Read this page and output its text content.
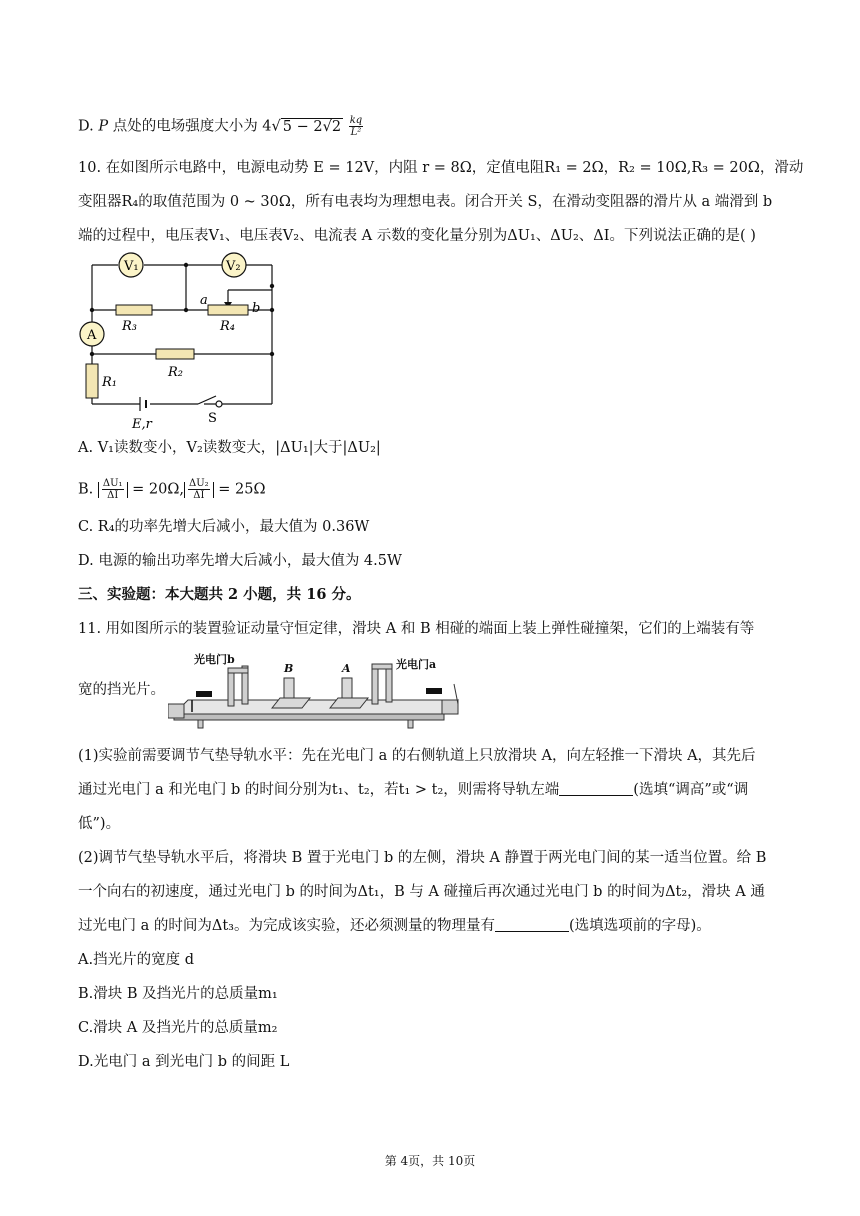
D. P 点处的电场强度大小为 4√ $5 - 2√2 \frac{kq}{\text{L²}}$
10. 在如图所示电路中，电源电动势 E = 12V，内阻 r = 8Ω，定值电阻R₁ = 2Ω，R₂ = 10Ω,R₃ = 20Ω，滑动
变阻器R₄的取值范围为 0 ~ 30Ω，所有电表均为理想电表。闭合开关 S，在滑动变阻器的滑片从 a 端滑到 b
端的过程中，电压表V₁、电压表V₂、电流表 A 示数的变化量分别为ΔU₁、ΔU₂、ΔI。下列说法正确的是( )
V₁	V₂
A
R₃	R₄
R₂
R₁
a
b
E,r	S
A. V₁读数变小，V₂读数变大，|ΔU₁|大于|ΔU₂|
B. $\frac{\text{ΔU₁}}{\Delta I} = 20\Omega$, $\frac{\text{ΔU₂}}{\Delta I} = 25\Omega$
C. R₄的功率先增大后减小，最大值为 0.36W
D. 电源的输出功率先增大后减小，最大值为 4.5W
三、实验题：本大题共 2 小题，共 16 分。
11. 用如图所示的装置验证动量守恒定律，滑块 A 和 B 相碰的端面上装上弹性碰撞架，它们的上端装有等
宽的挡光片。
光电门b	光电门a
B	A
(1)实验前需要调节气垫导轨水平：先在光电门 a 的右侧轨道上只放滑块 A，向左轻推一下滑块 A，其先后
通过光电门 a 和光电门 b 的时间分别为t₁、t₂，若t₁ > t₂，则需将导轨左端	(选填“调高”或“调
低”)。
(2)调节气垫导轨水平后，将滑块 B 置于光电门 b 的左侧，滑块 A 静置于两光电门间的某一适当位置。给 B
一个向右的初速度，通过光电门 b 的时间为Δt₁，B 与 A 碰撞后再次通过光电门 b 的时间为Δt₂，滑块 A 通
过光电门 a 的时间为Δt₃。为完成该实验，还必须测量的物理量有	(选填选项前的字母)。
A.挡光片的宽度 d
B.滑块 B 及挡光片的总质量m₁
C.滑块 A 及挡光片的总质量m₂
D.光电门 a 到光电门 b 的间距 L
第 4页，共 10页
